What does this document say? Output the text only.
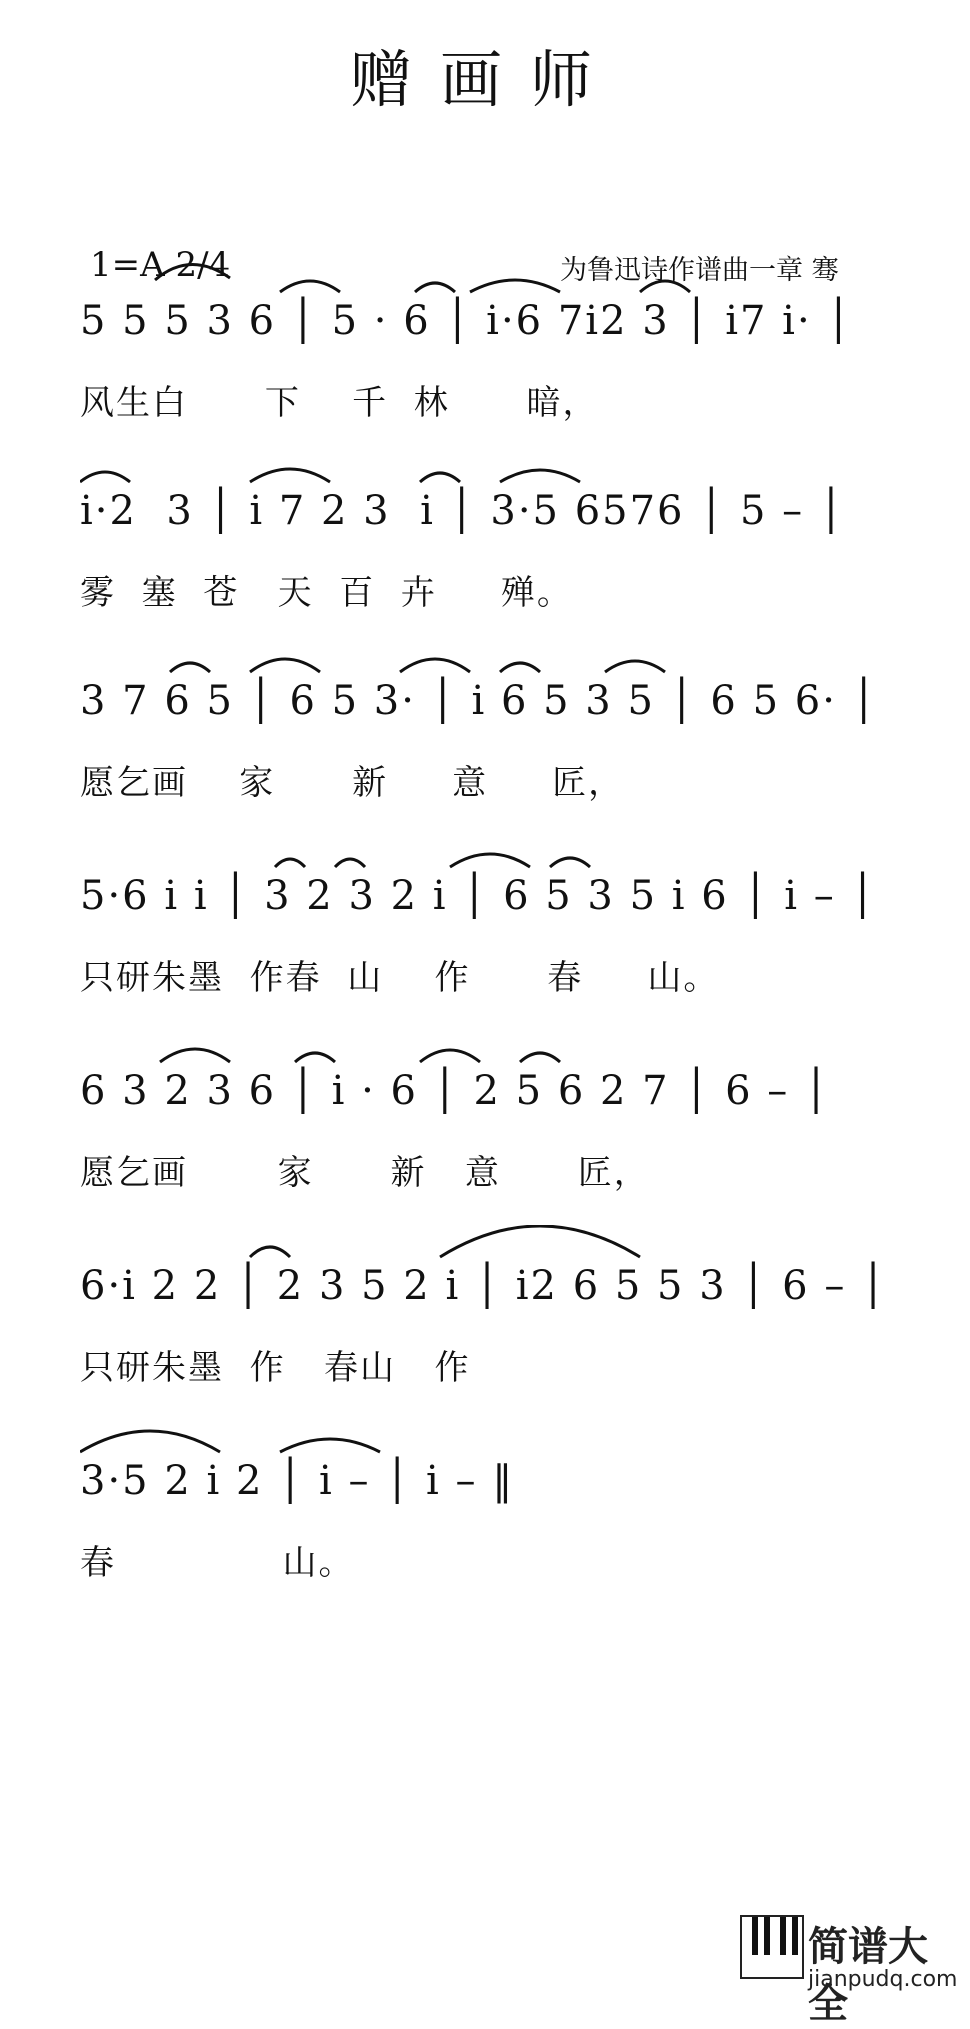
赠画师
1=A 2/4	为鲁迅诗作谱曲一章 骞
5 5 5 3 6 │ 5 · 6 │ i·6 7i2 3 │ i7 i· │
风生白      下    千  林      暗，
i·2  3 │ i 7 2 3  i │ 3·5 6576 │ 5 – │
雾  塞  苍   天  百  卉     殚。
3 7 6 5 │ 6 5 3· │ i 6 5 3 5 │ 6 5 6· │
愿乞画    家      新     意     匠，
5·6 i i │ 3 2 3 2 i │ 6 5 3 5 i 6 │ i – │
只研朱墨  作春  山    作      春     山。
6 3 2 3 6 │ i · 6 │ 2 5 6 2 7 │ 6 – │
愿乞画       家      新   意      匠，
6·i 2 2 │ 2 3 5 2 i │ i2 6 5 5 3 │ 6 – │
只研朱墨  作   春山   作
3·5 2 i 2 │ i – │ i – ‖
春             山。
简谱大全
jianpudq.com
